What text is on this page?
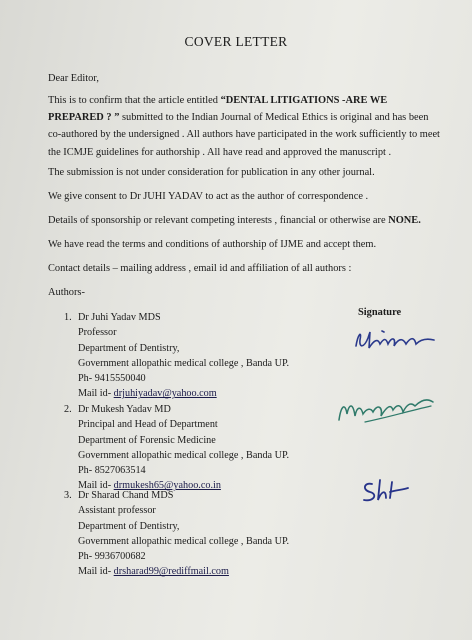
COVER LETTER
Dear Editor,
This is to confirm that the article entitled “DENTAL LITIGATIONS -ARE WE PREPARED ? ” submitted to the Indian Journal of Medical Ethics is original and has been co-authored by the undersigned . All authors have participated in the work sufficiently to meet the ICMJE guidelines for authorship . All have read and approved the manuscript .
The submission is not under consideration for publication in any other journal.
We give consent to Dr JUHI YADAV to act as the author of correspondence .
Details of sponsorship or relevant competing interests , financial or otherwise are NONE.
We have read the terms and conditions of authorship of IJME and accept them.
Contact details – mailing address , email id and affiliation of all authors :
Authors-
Signature
1. Dr Juhi Yadav MDS
Professor
Department of Dentistry,
Government allopathic medical college , Banda UP.
Ph- 9415550040
Mail id- drjuhiyadav@yahoo.com
2. Dr Mukesh Yadav MD
Principal and Head of Department
Department of Forensic Medicine
Government allopathic medical college , Banda UP.
Ph- 8527063514
Mail id- drmukesh65@yahoo.co.in
3. Dr Sharad Chand MDS
Assistant professor
Department of Dentistry,
Government allopathic medical college , Banda UP.
Ph- 9936700682
Mail id- drsharad99@rediffmail.com
